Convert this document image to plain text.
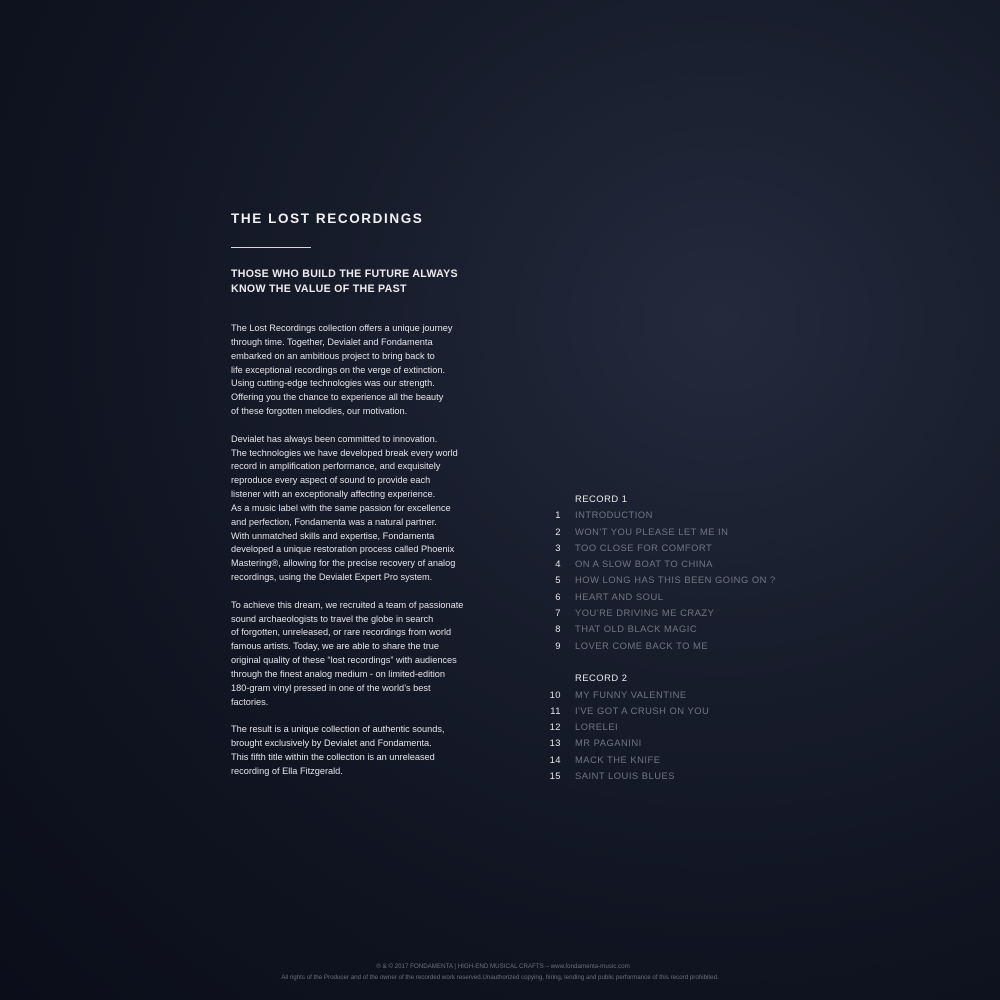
THE LOST RECORDINGS
THOSE WHO BUILD THE FUTURE ALWAYS
KNOW THE VALUE OF THE PAST

The Lost Recordings collection offers a unique journey
through time. Together, Devialet and Fondamenta
embarked on an ambitious project to bring back to
life exceptional recordings on the verge of extinction.
Using cutting-edge technologies was our strength.
Offering you the chance to experience all the beauty
of these forgotten melodies, our motivation.

Devialet has always been committed to innovation.
The technologies we have developed break every world
record in amplification performance, and exquisitely
reproduce every aspect of sound to provide each
listener with an exceptionally affecting experience.
As a music label with the same passion for excellence
and perfection, Fondamenta was a natural partner.
With unmatched skills and expertise, Fondamenta
developed a unique restoration process called Phoenix
Mastering®, allowing for the precise recovery of analog
recordings, using the Devialet Expert Pro system.

To achieve this dream, we recruited a team of passionate
sound archaeologists to travel the globe in search
of forgotten, unreleased, or rare recordings from world
famous artists. Today, we are able to share the true
original quality of these “lost recordings” with audiences
through the finest analog medium - on limited-edition
180-gram vinyl pressed in one of the world’s best
factories.

The result is a unique collection of authentic sounds,
brought exclusively by Devialet and Fondamenta.
This fifth title within the collection is an unreleased
recording of Ella Fitzgerald.

RECORD 1
1 INTRODUCTION
2 WON'T YOU PLEASE LET ME IN
3 TOO CLOSE FOR COMFORT
4 ON A SLOW BOAT TO CHINA
5 HOW LONG HAS THIS BEEN GOING ON ?
6 HEART AND SOUL
7 YOU'RE DRIVING ME CRAZY
8 THAT OLD BLACK MAGIC
9 LOVER COME BACK TO ME
RECORD 2
10 MY FUNNY VALENTINE
11 I'VE GOT A CRUSH ON YOU
12 LORELEI
13 MR PAGANINI
14 MACK THE KNIFE
15 SAINT LOUIS BLUES
℗ & © 2017 FONDAMENTA | HIGH-END MUSICAL CRAFTS – www.fondamenta-music.com
All rights of the Producer and of the owner of the recorded work reserved.Unauthorized copying, hiring, lending and public performance of this record prohibited.
